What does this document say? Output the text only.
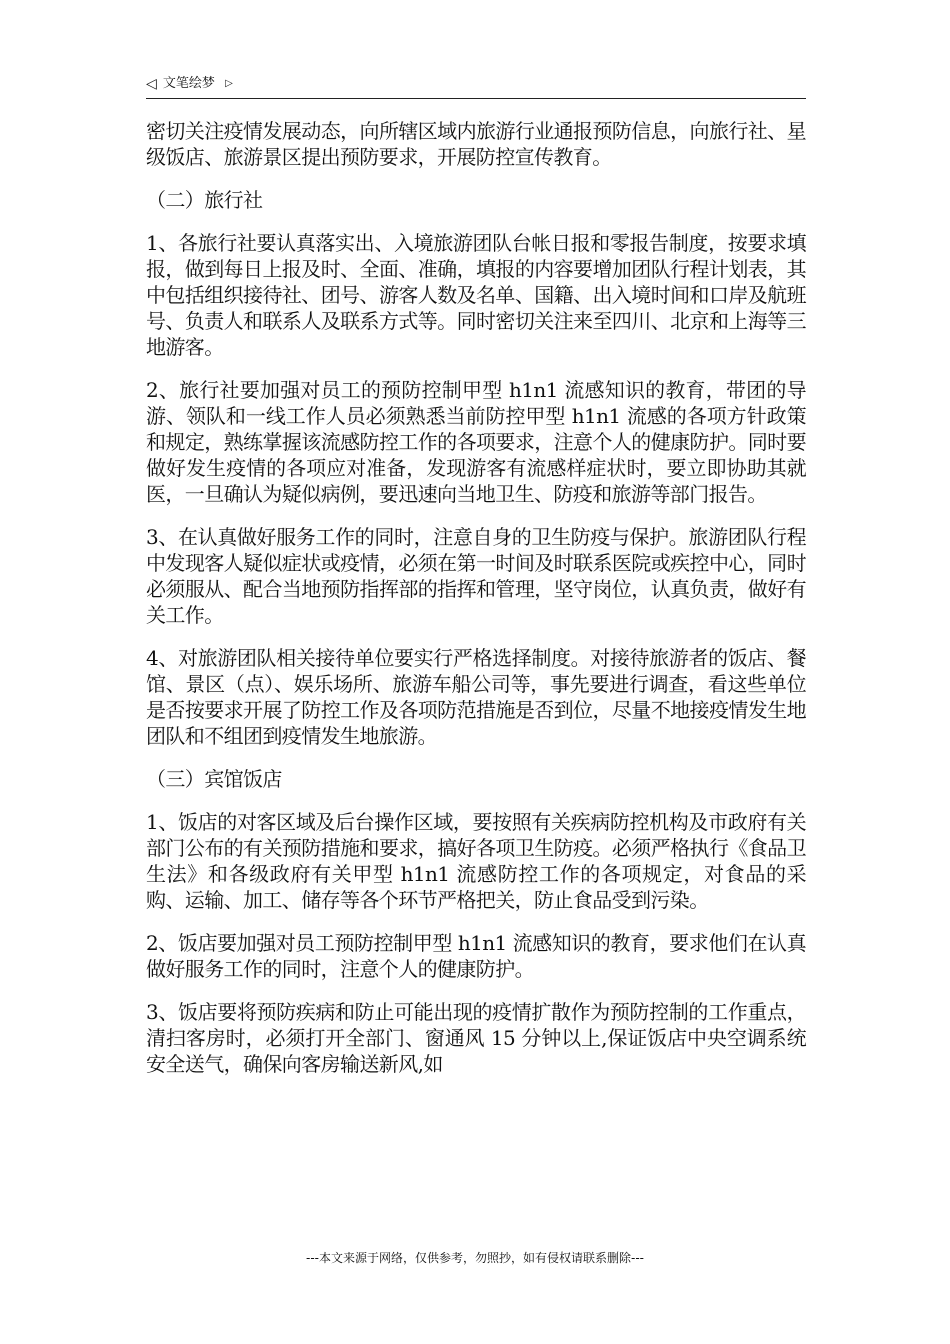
◁ 文笔绘梦 ▷

密切关注疫情发展动态，向所辖区域内旅游行业通报预防信息，向旅行社、星级饭店、旅游景区提出预防要求，开展防控宣传教育。

（二）旅行社

1、各旅行社要认真落实出、入境旅游团队台帐日报和零报告制度，按要求填报，做到每日上报及时、全面、准确，填报的内容要增加团队行程计划表，其中包括组织接待社、团号、游客人数及名单、国籍、出入境时间和口岸及航班号、负责人和联系人及联系方式等。同时密切关注来至四川、北京和上海等三地游客。

2、旅行社要加强对员工的预防控制甲型 h1n1 流感知识的教育，带团的导游、领队和一线工作人员必须熟悉当前防控甲型 h1n1 流感的各项方针政策和规定，熟练掌握该流感防控工作的各项要求，注意个人的健康防护。同时要做好发生疫情的各项应对准备，发现游客有流感样症状时，要立即协助其就医，一旦确认为疑似病例，要迅速向当地卫生、防疫和旅游等部门报告。

3、在认真做好服务工作的同时，注意自身的卫生防疫与保护。旅游团队行程中发现客人疑似症状或疫情，必须在第一时间及时联系医院或疾控中心，同时必须服从、配合当地预防指挥部的指挥和管理，坚守岗位，认真负责，做好有关工作。

4、对旅游团队相关接待单位要实行严格选择制度。对接待旅游者的饭店、餐馆、景区（点）、娱乐场所、旅游车船公司等，事先要进行调查，看这些单位是否按要求开展了防控工作及各项防范措施是否到位，尽量不地接疫情发生地团队和不组团到疫情发生地旅游。

（三）宾馆饭店

1、饭店的对客区域及后台操作区域，要按照有关疾病防控机构及市政府有关部门公布的有关预防措施和要求，搞好各项卫生防疫。必须严格执行《食品卫生法》和各级政府有关甲型 h1n1 流感防控工作的各项规定，对食品的采购、运输、加工、储存等各个环节严格把关，防止食品受到污染。

2、饭店要加强对员工预防控制甲型 h1n1 流感知识的教育，要求他们在认真做好服务工作的同时，注意个人的健康防护。

3、饭店要将预防疾病和防止可能出现的疫情扩散作为预防控制的工作重点，清扫客房时，必须打开全部门、窗通风 15 分钟以上,保证饭店中央空调系统安全送气，确保向客房输送新风,如

---本文来源于网络，仅供参考，勿照抄，如有侵权请联系删除---
